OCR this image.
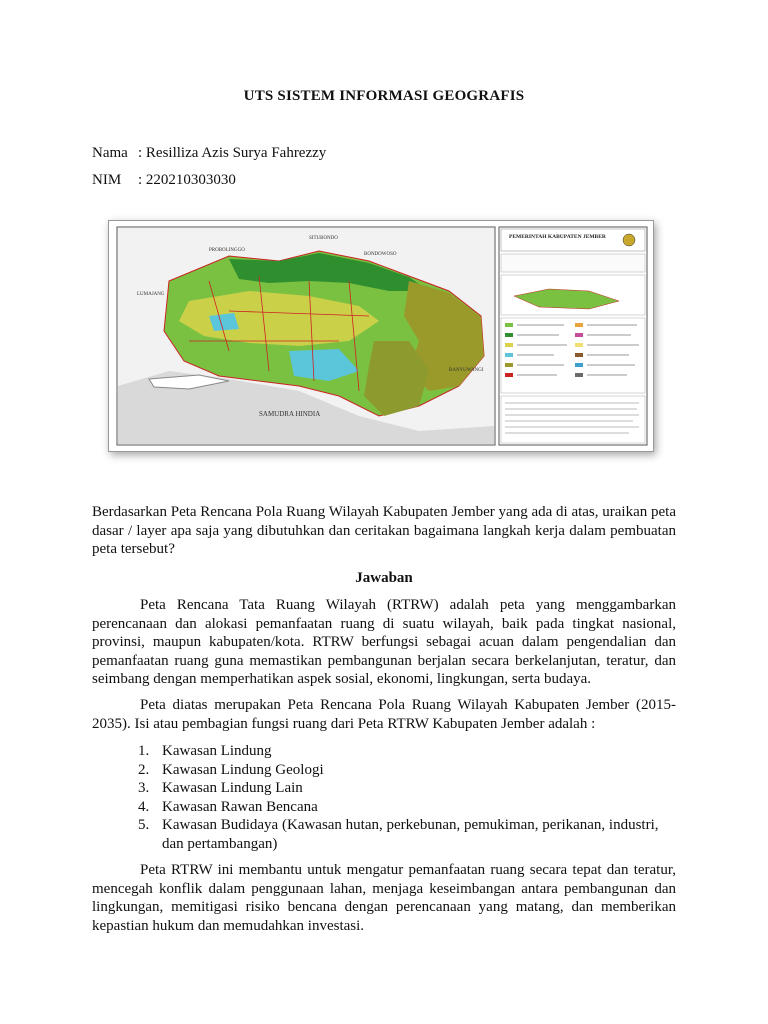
UTS SISTEM INFORMASI GEOGRAFIS
Nama : Resilliza Azis Surya Fahrezzy
NIM : 220210303030
SAMUDRA HINDIA
PROBOLINGGO
SITUBONDO
BONDOWOSO
LUMAJANG
BANYUWANGI
PEMERINTAH KABUPATEN JEMBER

Berdasarkan Peta Rencana Pola Ruang Wilayah Kabupaten Jember yang ada di atas, uraikan peta dasar / layer apa saja yang dibutuhkan dan ceritakan bagaimana langkah kerja dalam pembuatan peta tersebut?

Jawaban

Peta Rencana Tata Ruang Wilayah (RTRW) adalah peta yang menggambarkan perencanaan dan alokasi pemanfaatan ruang di suatu wilayah, baik pada tingkat nasional, provinsi, maupun kabupaten/kota. RTRW berfungsi sebagai acuan dalam pengendalian dan pemanfaatan ruang guna memastikan pembangunan berjalan secara berkelanjutan, teratur, dan seimbang dengan memperhatikan aspek sosial, ekonomi, lingkungan, serta budaya.

Peta diatas merupakan Peta Rencana Pola Ruang Wilayah Kabupaten Jember (2015-2035). Isi atau pembagian fungsi ruang dari Peta RTRW Kabupaten Jember adalah :

1. Kawasan Lindung
2. Kawasan Lindung Geologi
3. Kawasan Lindung Lain
4. Kawasan Rawan Bencana
5. Kawasan Budidaya (Kawasan hutan, perkebunan, pemukiman, perikanan, industri, dan pertambangan)

Peta RTRW ini membantu untuk mengatur pemanfaatan ruang secara tepat dan teratur, mencegah konflik dalam penggunaan lahan, menjaga keseimbangan antara pembangunan dan lingkungan, memitigasi risiko bencana dengan perencanaan yang matang, dan memberikan kepastian hukum dan memudahkan investasi.
